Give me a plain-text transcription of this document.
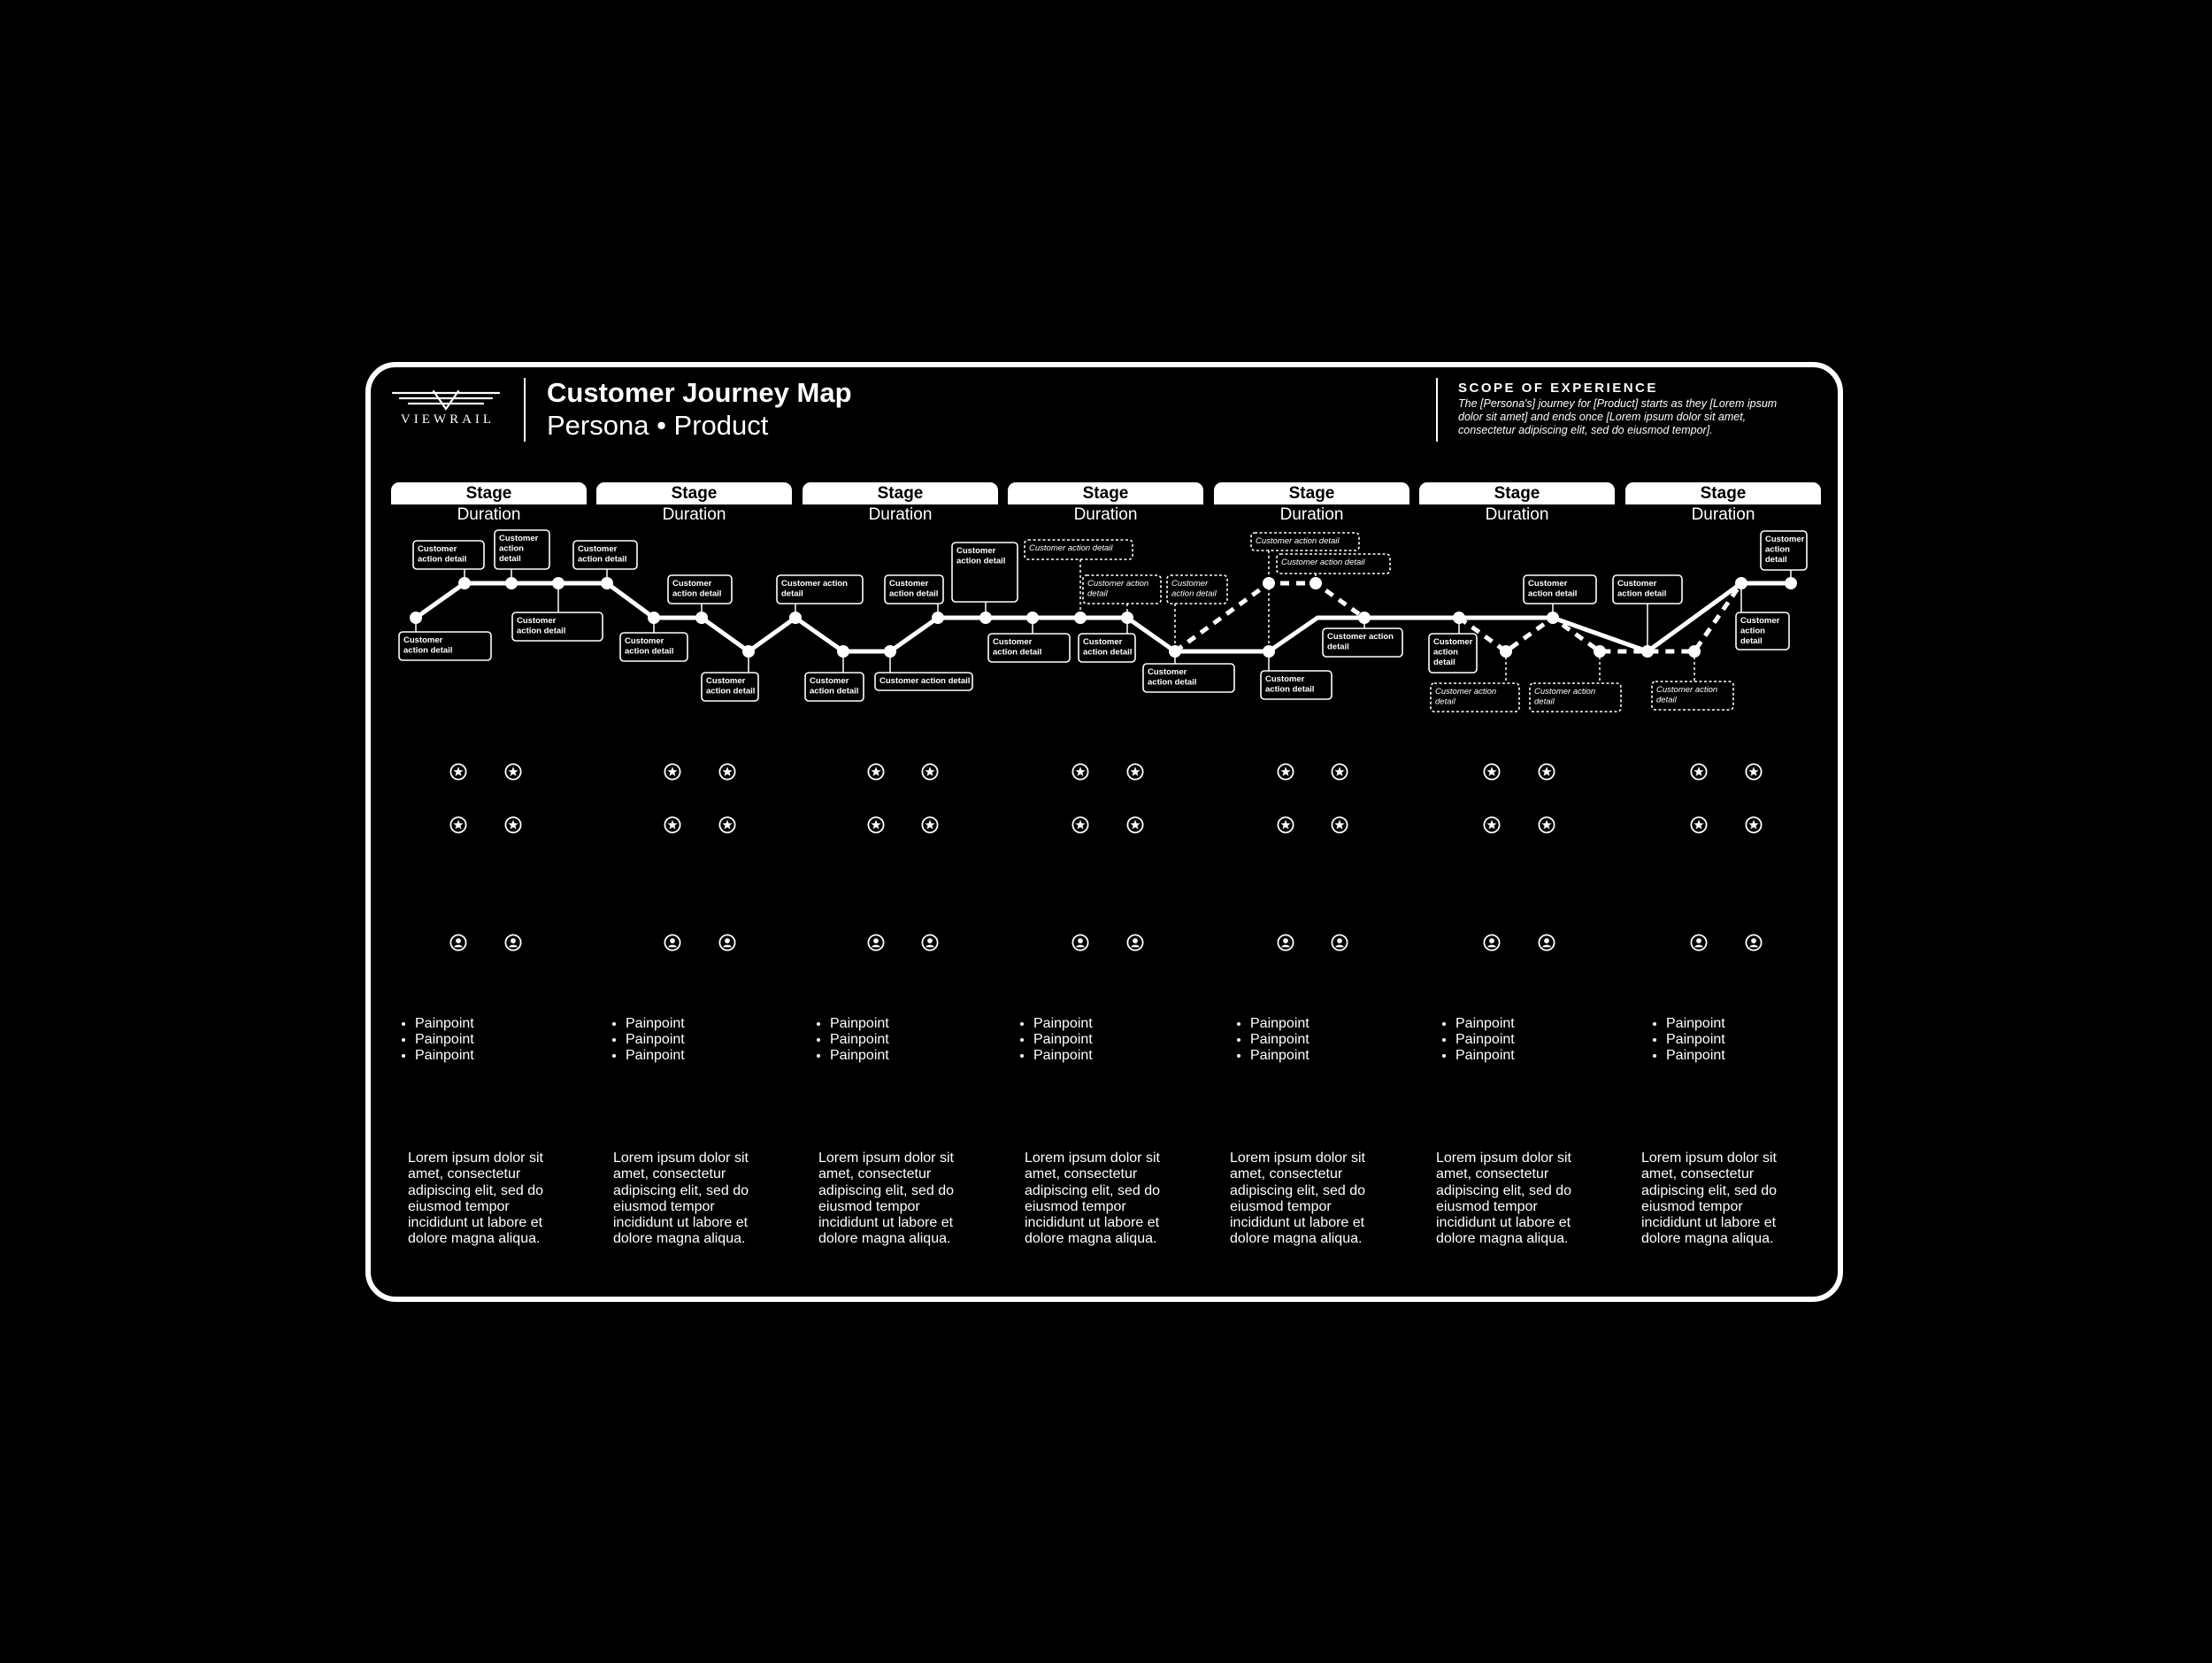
VIEWRAIL
Customer Journey Map
Persona • Product
SCOPE OF EXPERIENCE
The [Persona's] journey for [Product] starts as they [Lorem ipsum dolor sit amet] and ends once [Lorem ipsum dolor sit amet, consectetur adipiscing elit, sed do eiusmod tempor].
Stage	Stage	Stage	Stage	Stage	Stage	Stage
Duration	Duration	Duration	Duration	Duration	Duration	Duration
Customer action detail
Customer action detail
Customer action detail
Customer action detail
Customer action detail
Customer action detail
Customer action detail
Customer action detail
Customer action detail
Customer action detail
Customer action detail
Customer action detail
Customer action detail
Customer action detail
Customer action detail
Customer action detail
Customer action detail
Customer action detail
Customer action detail
Customer action detail
Customer action detail
Customer action detail
Customer action detail	Customer action detail
Customer action detail
Customer action detail
Customer action detail
Customer action detail
Customer action detail
Customer action detail
Customer action detail
• Painpoint
• Painpoint
• Painpoint
• Painpoint
• Painpoint
• Painpoint
• Painpoint
• Painpoint
• Painpoint
• Painpoint
• Painpoint
• Painpoint
• Painpoint
• Painpoint
• Painpoint
• Painpoint
• Painpoint
• Painpoint
• Painpoint
• Painpoint
• Painpoint
Lorem ipsum dolor sit amet, consectetur adipiscing elit, sed do eiusmod tempor incididunt ut labore et dolore magna aliqua.
Lorem ipsum dolor sit amet, consectetur adipiscing elit, sed do eiusmod tempor incididunt ut labore et dolore magna aliqua.
Lorem ipsum dolor sit amet, consectetur adipiscing elit, sed do eiusmod tempor incididunt ut labore et dolore magna aliqua.
Lorem ipsum dolor sit amet, consectetur adipiscing elit, sed do eiusmod tempor incididunt ut labore et dolore magna aliqua.
Lorem ipsum dolor sit amet, consectetur adipiscing elit, sed do eiusmod tempor incididunt ut labore et dolore magna aliqua.
Lorem ipsum dolor sit amet, consectetur adipiscing elit, sed do eiusmod tempor incididunt ut labore et dolore magna aliqua.
Lorem ipsum dolor sit amet, consectetur adipiscing elit, sed do eiusmod tempor incididunt ut labore et dolore magna aliqua.
